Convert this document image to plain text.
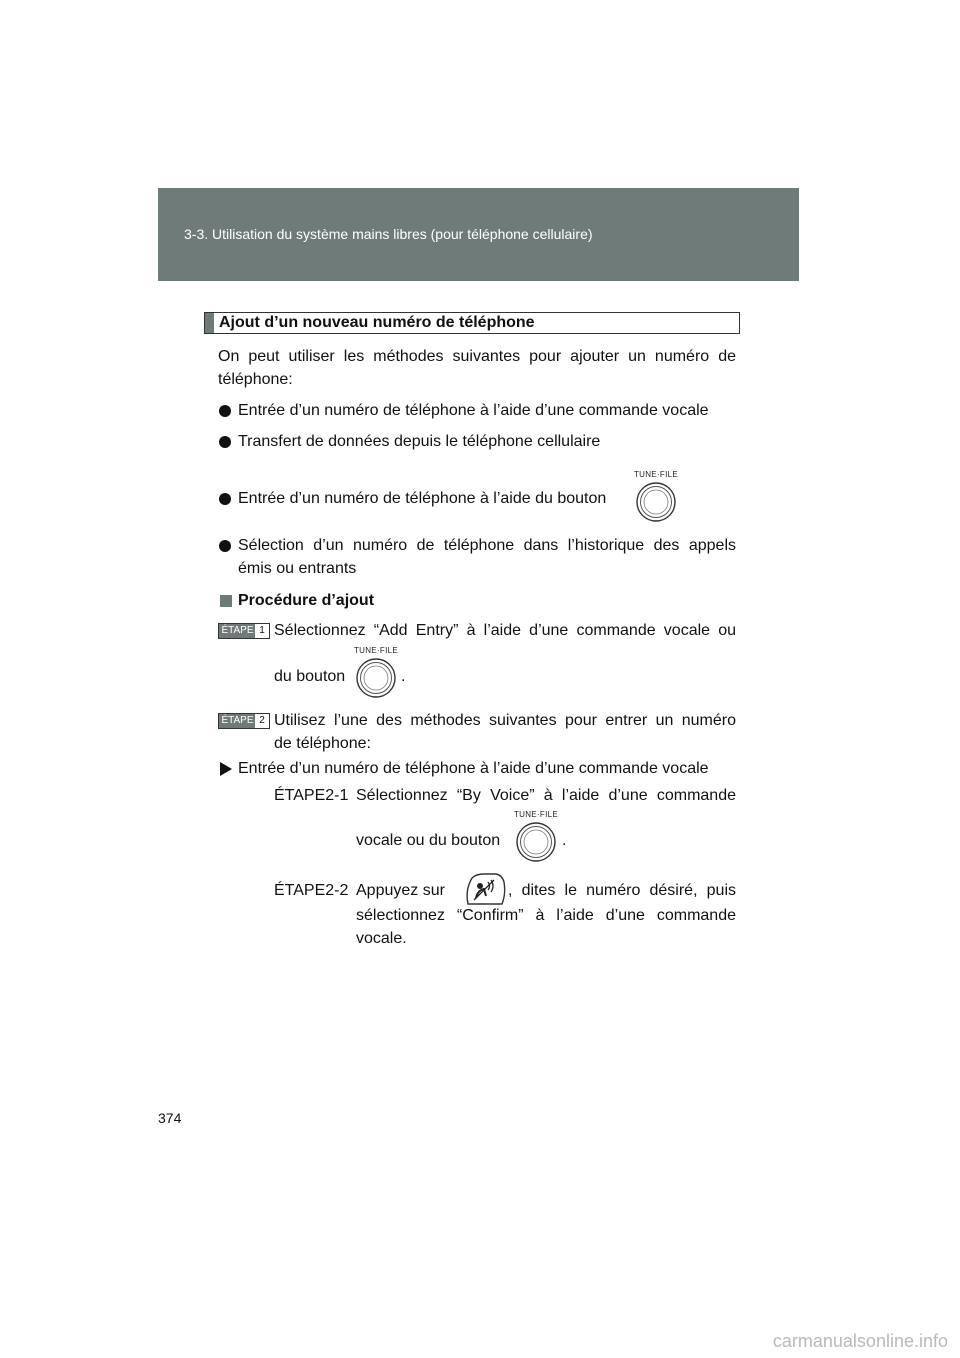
3-3. Utilisation du système mains libres (pour téléphone cellulaire)
Ajout d’un nouveau numéro de téléphone
On peut utiliser les méthodes suivantes pour ajouter un numéro de
téléphone:
Entrée d’un numéro de téléphone à l’aide d’une commande vocale
Transfert de données depuis le téléphone cellulaire
Entrée d’un numéro de téléphone à l’aide du bouton
TUNE·FILE
Sélection d’un numéro de téléphone dans l’historique des appels
émis ou entrants
Procédure d’ajout
ÉTAPE 1 Sélectionnez “Add Entry” à l’aide d’une commande vocale ou
du bouton
TUNE·FILE
.
ÉTAPE 2 Utilisez l’une des méthodes suivantes pour entrer un numéro
de téléphone:
Entrée d’un numéro de téléphone à l’aide d’une commande vocale
ÉTAPE2-1 Sélectionnez “By Voice” à l’aide d’une commande
vocale ou du bouton
TUNE·FILE
.
ÉTAPE2-2 Appuyez sur	, dites le numéro désiré, puis
sélectionnez “Confirm” à l’aide d’une commande
vocale.
374
carmanualsonline.info
